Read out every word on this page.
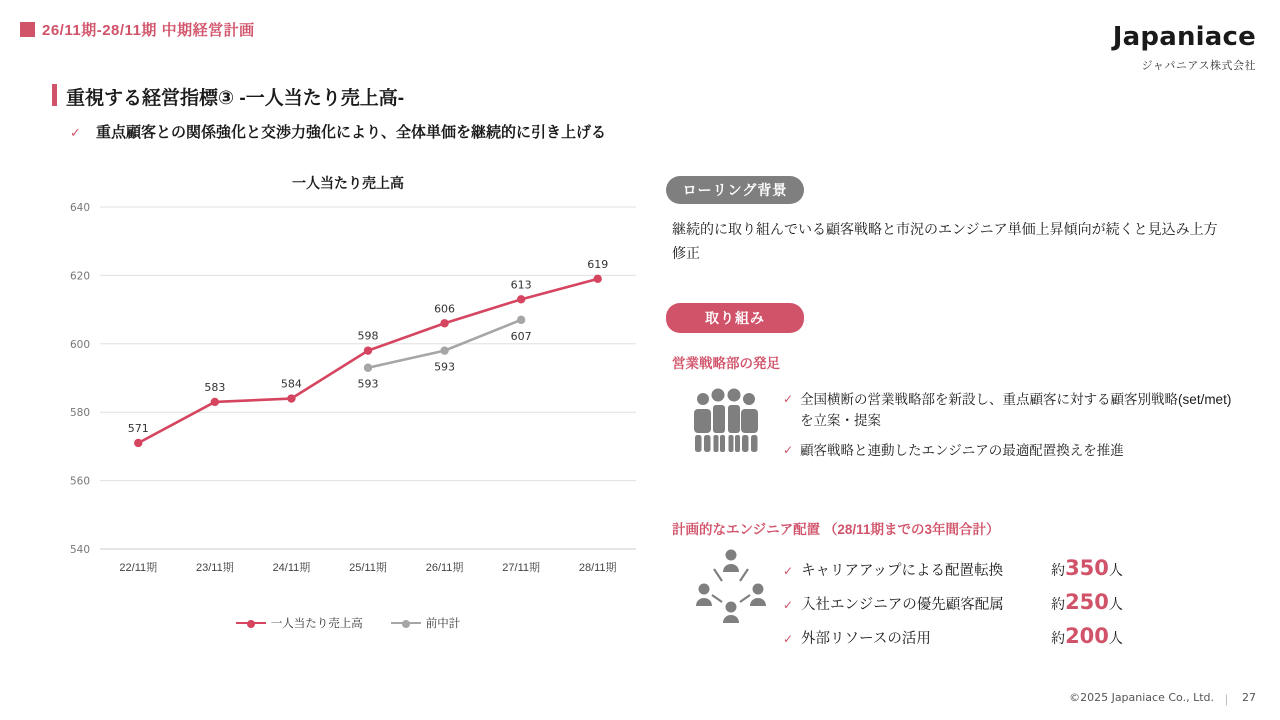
26/11期-28/11期 中期経営計画	Japaniace
ジャパニアス株式会社
重視する経営指標③ -一人当たり売上高-
✓ 重点顧客との関係強化と交渉力強化により、全体単価を継続的に引き上げる
一人当たり売上高
540
560
580
600
620
640
22/11期	23/11期	24/11期	25/11期	26/11期	27/11期	28/11期
593
593
607
571
583	584
598
606
613
619
一人当たり売上高	前中計
ローリング背景
継続的に取り組んでいる顧客戦略と市況のエンジニア単価上昇傾向が続くと見込み上方修正
取り組み
営業戦略部の発足
✓ 全国横断の営業戦略部を新設し、重点顧客に対する顧客別戦略(set/met)を立案・提案
✓ 顧客戦略と連動したエンジニアの最適配置換えを推進
計画的なエンジニア配置 （28/11期までの3年間合計）
✓ キャリアアップによる配置転換	約 350 人
✓ 入社エンジニアの優先顧客配属	約 250 人
✓ 外部リソースの活用	約 200 人
©2025 Japaniace Co., Ltd. | 27
